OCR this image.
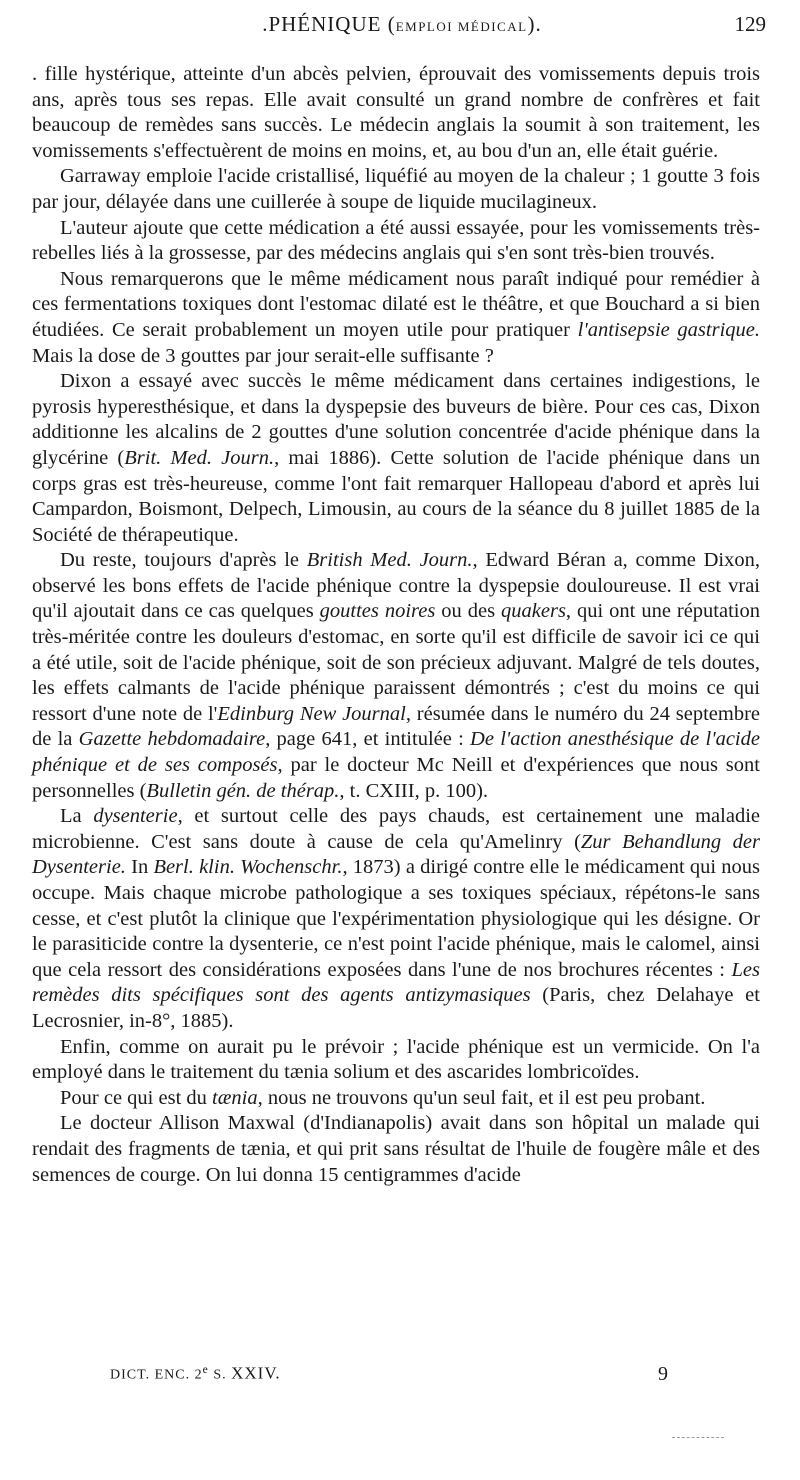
.PHÉNIQUE (EMPLOI MÉDICAL).	129

. fille hystérique, atteinte d'un abcès pelvien, éprouvait des vomissements depuis trois ans, après tous ses repas. Elle avait consulté un grand nombre de confrères et fait beaucoup de remèdes sans succès. Le médecin anglais la soumit à son traitement, les vomissements s'effectuèrent de moins en moins, et, au bou d'un an, elle était guérie.

Garraway emploie l'acide cristallisé, liquéfié au moyen de la chaleur ; 1 goutte 3 fois par jour, délayée dans une cuillerée à soupe de liquide mucilagineux.

L'auteur ajoute que cette médication a été aussi essayée, pour les vomissements très-rebelles liés à la grossesse, par des médecins anglais qui s'en sont très-bien trouvés.

Nous remarquerons que le même médicament nous paraît indiqué pour remédier à ces fermentations toxiques dont l'estomac dilaté est le théâtre, et que Bouchard a si bien étudiées. Ce serait probablement un moyen utile pour pratiquer l'antisepsie gastrique. Mais la dose de 3 gouttes par jour serait-elle suffisante ?

Dixon a essayé avec succès le même médicament dans certaines indigestions, le pyrosis hyperesthésique, et dans la dyspepsie des buveurs de bière. Pour ces cas, Dixon additionne les alcalins de 2 gouttes d'une solution concentrée d'acide phénique dans la glycérine (Brit. Med. Journ., mai 1886). Cette solution de l'acide phénique dans un corps gras est très-heureuse, comme l'ont fait remarquer Hallopeau d'abord et après lui Campardon, Boismont, Delpech, Limousin, au cours de la séance du 8 juillet 1885 de la Société de thérapeutique.

Du reste, toujours d'après le British Med. Journ., Edward Béran a, comme Dixon, observé les bons effets de l'acide phénique contre la dyspepsie douloureuse. Il est vrai qu'il ajoutait dans ce cas quelques gouttes noires ou des quakers, qui ont une réputation très-méritée contre les douleurs d'estomac, en sorte qu'il est difficile de savoir ici ce qui a été utile, soit de l'acide phénique, soit de son précieux adjuvant. Malgré de tels doutes, les effets calmants de l'acide phénique paraissent démontrés ; c'est du moins ce qui ressort d'une note de l'Edinburg New Journal, résumée dans le numéro du 24 septembre de la Gazette hebdomadaire, page 641, et intitulée : De l'action anesthésique de l'acide phénique et de ses composés, par le docteur Mc Neill et d'expériences que nous sont personnelles (Bulletin gén. de thérap., t. CXIII, p. 100).

La dysenterie, et surtout celle des pays chauds, est certainement une maladie microbienne. C'est sans doute à cause de cela qu'Amelinry (Zur Behandlung der Dysenterie. In Berl. klin. Wochenschr., 1873) a dirigé contre elle le médicament qui nous occupe. Mais chaque microbe pathologique a ses toxiques spéciaux, répétons-le sans cesse, et c'est plutôt la clinique que l'expérimentation physiologique qui les désigne. Or le parasiticide contre la dysenterie, ce n'est point l'acide phénique, mais le calomel, ainsi que cela ressort des considérations exposées dans l'une de nos brochures récentes : Les remèdes dits spécifiques sont des agents antizymasiques (Paris, chez Delahaye et Lecrosnier, in-8°, 1885).

Enfin, comme on aurait pu le prévoir ; l'acide phénique est un vermicide. On l'a employé dans le traitement du tænia solium et des ascarides lombricoïdes.

Pour ce qui est du tænia, nous ne trouvons qu'un seul fait, et il est peu probant.

Le docteur Allison Maxwal (d'Indianapolis) avait dans son hôpital un malade qui rendait des fragments de tænia, et qui prit sans résultat de l'huile de fougère mâle et des semences de courge. On lui donna 15 centigrammes d'acide

DICT. ENC. 2e S. XXIV.	9
